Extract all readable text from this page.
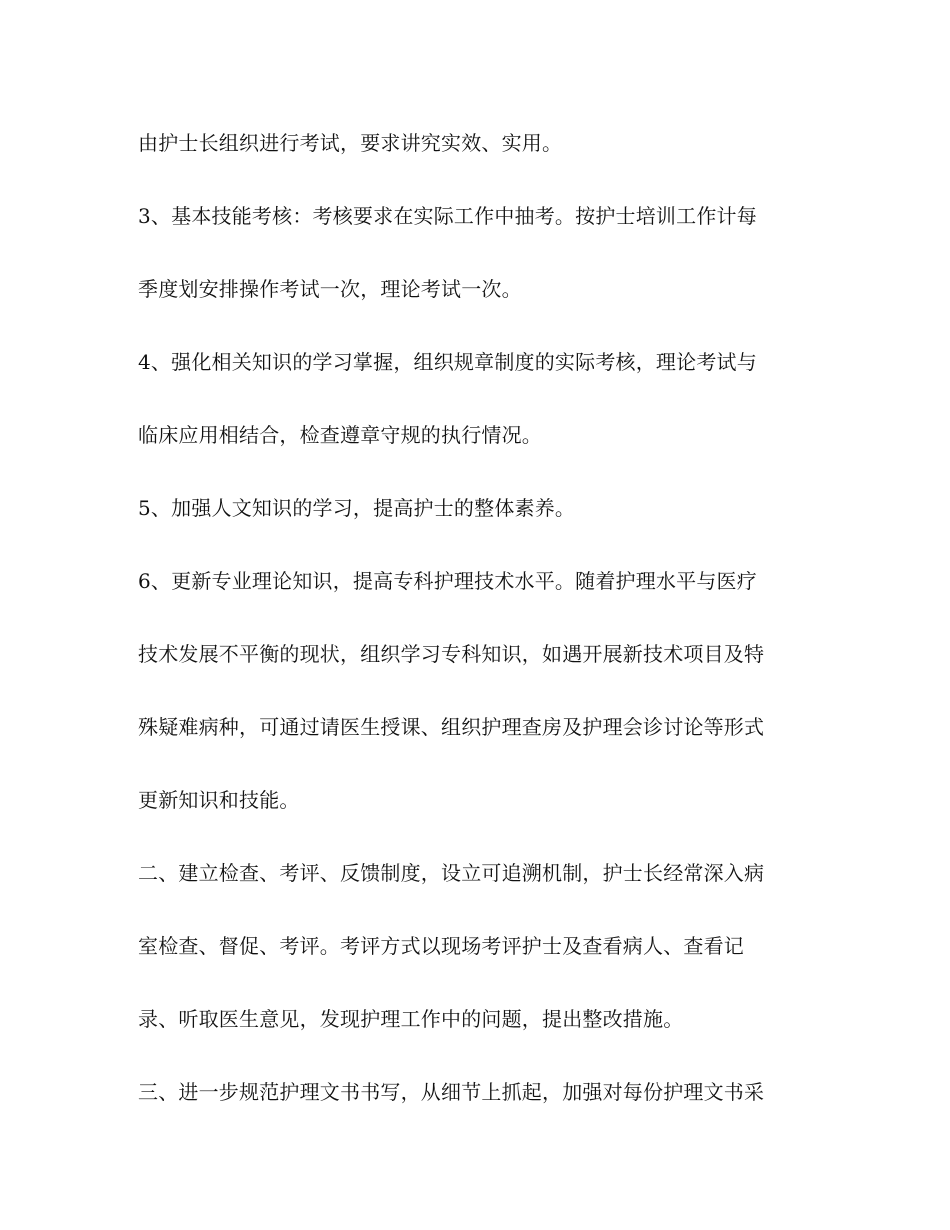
由护士长组织进行考试，要求讲究实效、实用。

3、基本技能考核：考核要求在实际工作中抽考。按护士培训工作计每

季度划安排操作考试一次，理论考试一次。

4、强化相关知识的学习掌握，组织规章制度的实际考核，理论考试与

临床应用相结合，检查遵章守规的执行情况。

5、加强人文知识的学习，提高护士的整体素养。

6、更新专业理论知识，提高专科护理技术水平。随着护理水平与医疗

技术发展不平衡的现状，组织学习专科知识，如遇开展新技术项目及特

殊疑难病种，可通过请医生授课、组织护理查房及护理会诊讨论等形式

更新知识和技能。

二、建立检查、考评、反馈制度，设立可追溯机制，护士长经常深入病

室检查、督促、考评。考评方式以现场考评护士及查看病人、查看记

录、听取医生意见，发现护理工作中的问题，提出整改措施。

三、进一步规范护理文书书写，从细节上抓起，加强对每份护理文书采
